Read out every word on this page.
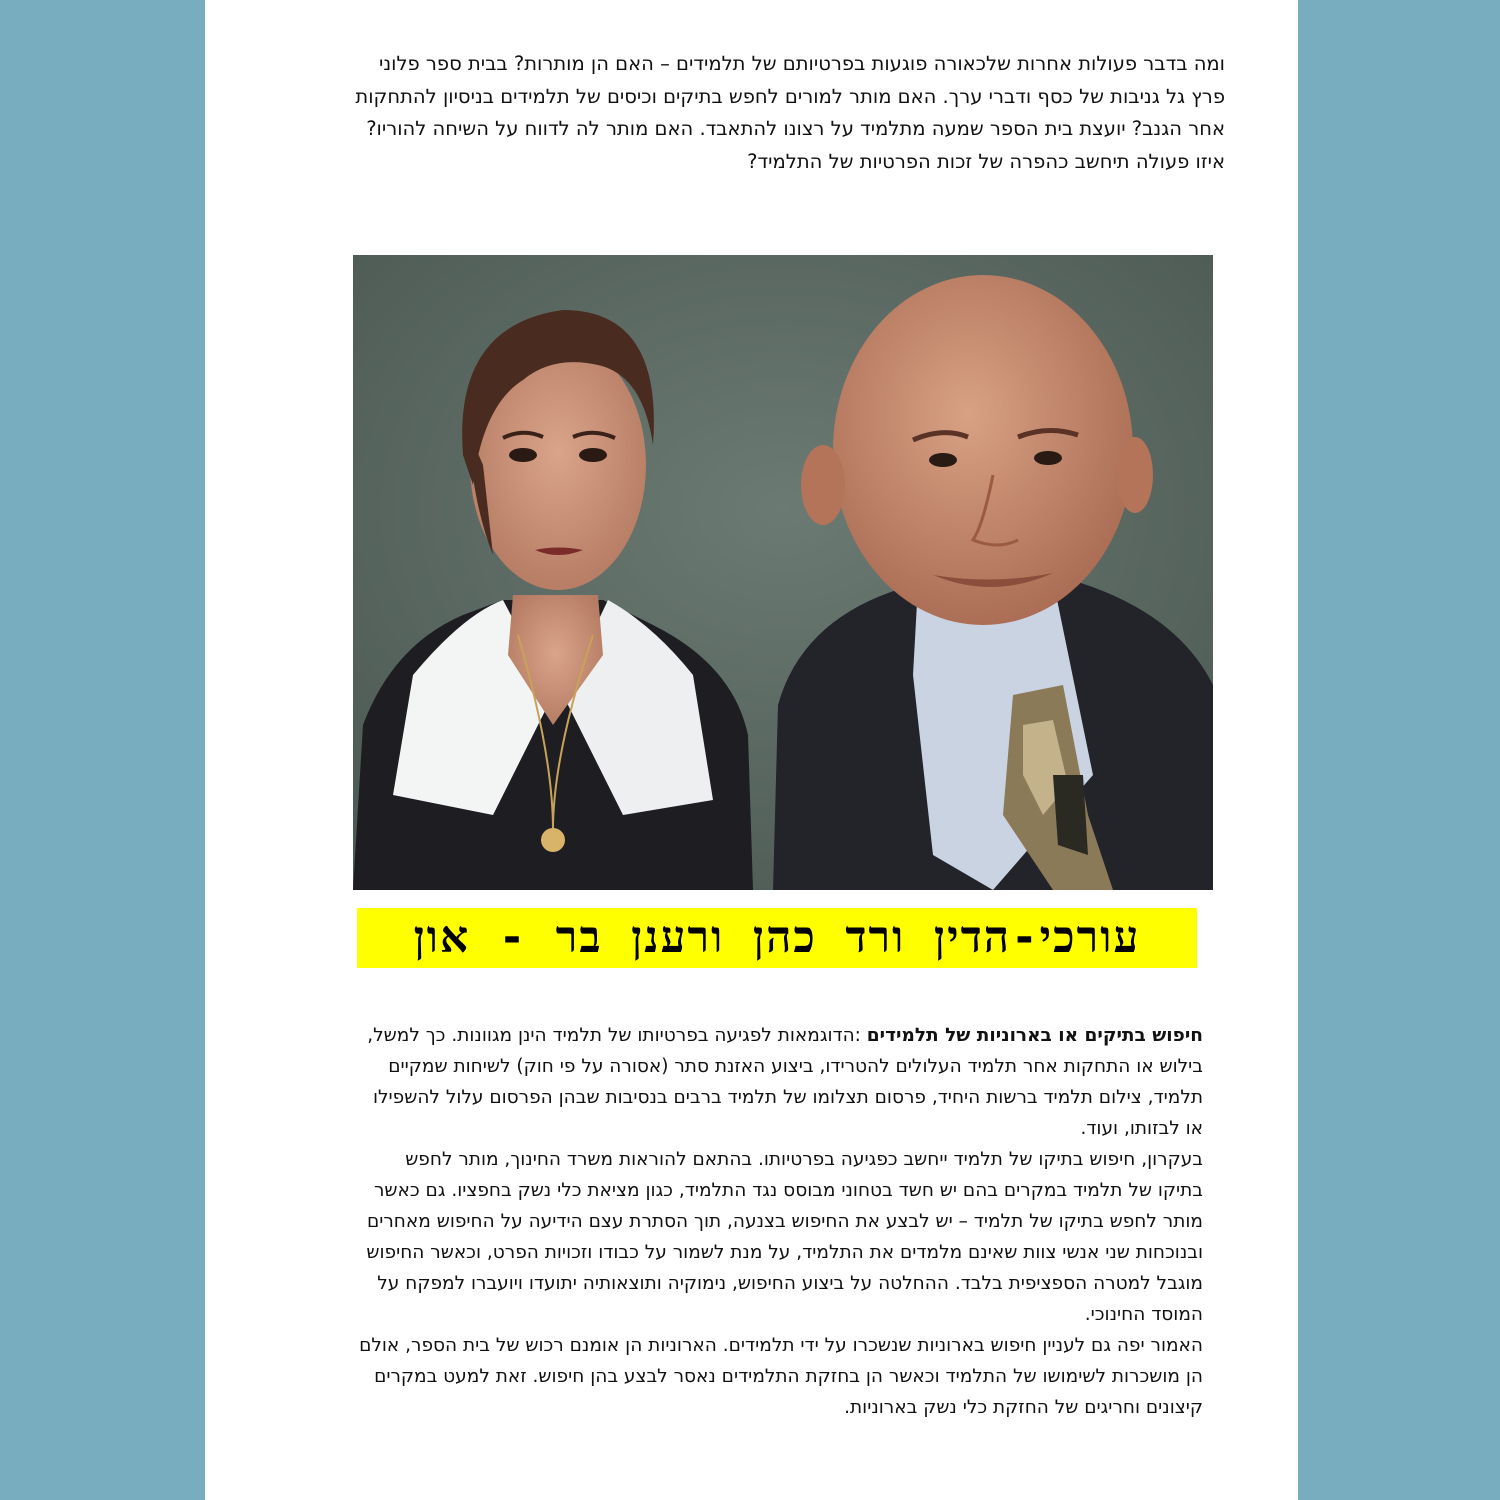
ומה בדבר פעולות אחרות שלכאורה פוגעות בפרטיותם של תלמידים – האם הן מותרות? בבית ספר פלוני פרץ גל גניבות של כסף ודברי ערך. האם מותר למורים לחפש בתיקים וכיסים של תלמידים בניסיון להתחקות אחר הגנב? יועצת בית הספר שמעה מתלמיד על רצונו להתאבד. האם מותר לה לדווח על השיחה להוריו? איזו פעולה תיחשב כהפרה של זכות הפרטיות של התלמיד?

עורכי-הדין ורד כהן ורענן בר - און

חיפוש בתיקים או בארוניות של תלמידים :הדוגמאות לפגיעה בפרטיותו של תלמיד הינן מגוונות. כך למשל, בילוש או התחקות אחר תלמיד העלולים להטרידו, ביצוע האזנת סתר (אסורה על פי חוק) לשיחות שמקיים תלמיד, צילום תלמיד ברשות היחיד, פרסום תצלומו של תלמיד ברבים בנסיבות שבהן הפרסום עלול להשפילו או לבזותו, ועוד.

בעקרון, חיפוש בתיקו של תלמיד ייחשב כפגיעה בפרטיותו. בהתאם להוראות משרד החינוך, מותר לחפש בתיקו של תלמיד במקרים בהם יש חשד בטחוני מבוסס נגד התלמיד, כגון מציאת כלי נשק בחפציו. גם כאשר מותר לחפש בתיקו של תלמיד – יש לבצע את החיפוש בצנעה, תוך הסתרת עצם הידיעה על החיפוש מאחרים ובנוכחות שני אנשי צוות שאינם מלמדים את התלמיד, על מנת לשמור על כבודו וזכויות הפרט, וכאשר החיפוש מוגבל למטרה הספציפית בלבד. ההחלטה על ביצוע החיפוש, נימוקיה ותוצאותיה יתועדו ויועברו למפקח על המוסד החינוכי.

האמור יפה גם לעניין חיפוש בארוניות שנשכרו על ידי תלמידים. הארוניות הן אומנם רכוש של בית הספר, אולם הן מושכרות לשימושו של התלמיד וכאשר הן בחזקת התלמידים נאסר לבצע בהן חיפוש. זאת למעט במקרים קיצונים וחריגים של החזקת כלי נשק בארוניות.
